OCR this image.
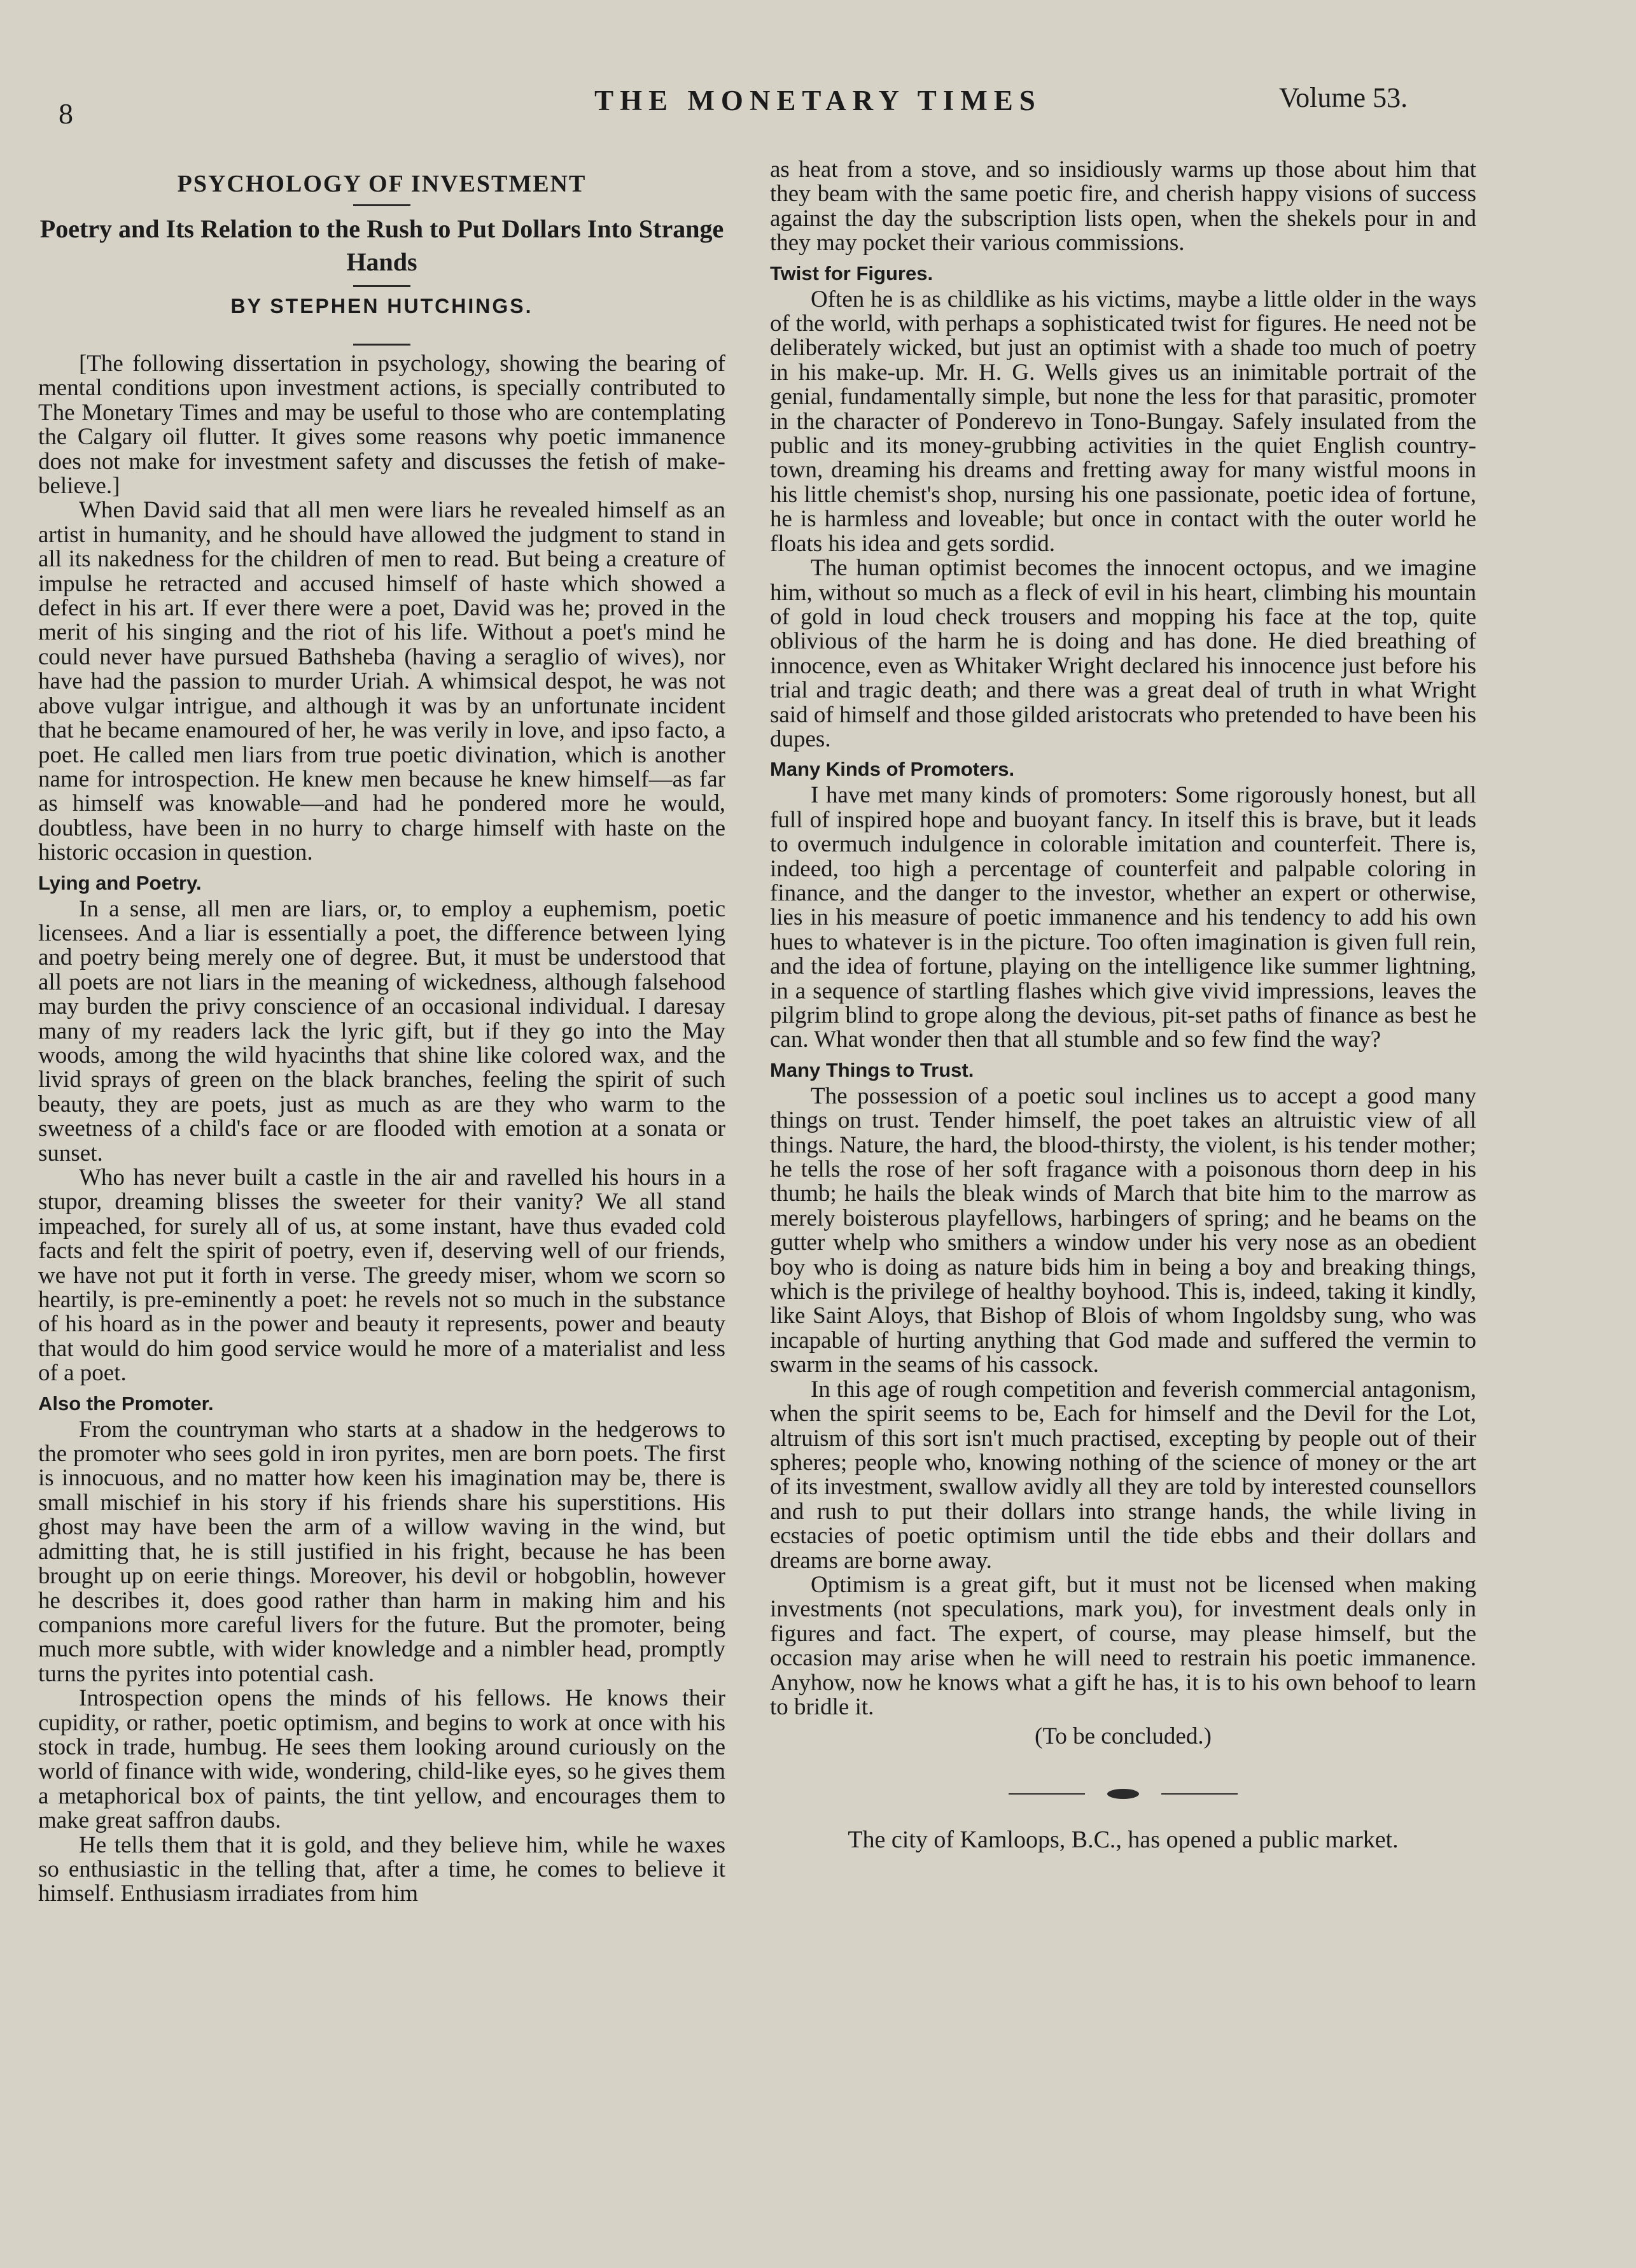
8	THE MONETARY TIMES	Volume 53.
PSYCHOLOGY OF INVESTMENT
Poetry and Its Relation to the Rush to Put Dollars Into Strange Hands
BY STEPHEN HUTCHINGS.

[The following dissertation in psychology, showing the bearing of mental conditions upon investment actions, is specially contributed to The Monetary Times and may be useful to those who are contemplating the Calgary oil flutter. It gives some reasons why poetic immanence does not make for investment safety and discusses the fetish of make-believe.]

When David said that all men were liars he revealed himself as an artist in humanity, and he should have allowed the judgment to stand in all its nakedness for the children of men to read. But being a creature of impulse he retracted and accused himself of haste which showed a defect in his art. If ever there were a poet, David was he; proved in the merit of his singing and the riot of his life. Without a poet's mind he could never have pursued Bathsheba (having a seraglio of wives), nor have had the passion to murder Uriah. A whimsical despot, he was not above vulgar intrigue, and although it was by an unfortunate incident that he became enamoured of her, he was verily in love, and ipso facto, a poet. He called men liars from true poetic divination, which is another name for introspection. He knew men because he knew himself—as far as himself was knowable—and had he pondered more he would, doubtless, have been in no hurry to charge himself with haste on the historic occasion in question.

Lying and Poetry.

In a sense, all men are liars, or, to employ a euphemism, poetic licensees. And a liar is essentially a poet, the difference between lying and poetry being merely one of degree. But, it must be understood that all poets are not liars in the meaning of wickedness, although falsehood may burden the privy conscience of an occasional individual. I daresay many of my readers lack the lyric gift, but if they go into the May woods, among the wild hyacinths that shine like colored wax, and the livid sprays of green on the black branches, feeling the spirit of such beauty, they are poets, just as much as are they who warm to the sweetness of a child's face or are flooded with emotion at a sonata or sunset.

Who has never built a castle in the air and ravelled his hours in a stupor, dreaming blisses the sweeter for their vanity? We all stand impeached, for surely all of us, at some instant, have thus evaded cold facts and felt the spirit of poetry, even if, deserving well of our friends, we have not put it forth in verse. The greedy miser, whom we scorn so heartily, is pre-eminently a poet: he revels not so much in the substance of his hoard as in the power and beauty it represents, power and beauty that would do him good service would he more of a materialist and less of a poet.

Also the Promoter.

From the countryman who starts at a shadow in the hedgerows to the promoter who sees gold in iron pyrites, men are born poets. The first is innocuous, and no matter how keen his imagination may be, there is small mischief in his story if his friends share his superstitions. His ghost may have been the arm of a willow waving in the wind, but admitting that, he is still justified in his fright, because he has been brought up on eerie things. Moreover, his devil or hobgoblin, however he describes it, does good rather than harm in making him and his companions more careful livers for the future. But the promoter, being much more subtle, with wider knowledge and a nimbler head, promptly turns the pyrites into potential cash.

Introspection opens the minds of his fellows. He knows their cupidity, or rather, poetic optimism, and begins to work at once with his stock in trade, humbug. He sees them looking around curiously on the world of finance with wide, wondering, child-like eyes, so he gives them a metaphorical box of paints, the tint yellow, and encourages them to make great saffron daubs.

He tells them that it is gold, and they believe him, while he waxes so enthusiastic in the telling that, after a time, he comes to believe it himself. Enthusiasm irradiates from him

as heat from a stove, and so insidiously warms up those about him that they beam with the same poetic fire, and cherish happy visions of success against the day the subscription lists open, when the shekels pour in and they may pocket their various commissions.

Twist for Figures.

Often he is as childlike as his victims, maybe a little older in the ways of the world, with perhaps a sophisticated twist for figures. He need not be deliberately wicked, but just an optimist with a shade too much of poetry in his make-up. Mr. H. G. Wells gives us an inimitable portrait of the genial, fundamentally simple, but none the less for that parasitic, promoter in the character of Ponderevo in Tono-Bungay. Safely insulated from the public and its money-grubbing activities in the quiet English country-town, dreaming his dreams and fretting away for many wistful moons in his little chemist's shop, nursing his one passionate, poetic idea of fortune, he is harmless and loveable; but once in contact with the outer world he floats his idea and gets sordid.

The human optimist becomes the innocent octopus, and we imagine him, without so much as a fleck of evil in his heart, climbing his mountain of gold in loud check trousers and mopping his face at the top, quite oblivious of the harm he is doing and has done. He died breathing of innocence, even as Whitaker Wright declared his innocence just before his trial and tragic death; and there was a great deal of truth in what Wright said of himself and those gilded aristocrats who pretended to have been his dupes.

Many Kinds of Promoters.

I have met many kinds of promoters: Some rigorously honest, but all full of inspired hope and buoyant fancy. In itself this is brave, but it leads to overmuch indulgence in colorable imitation and counterfeit. There is, indeed, too high a percentage of counterfeit and palpable coloring in finance, and the danger to the investor, whether an expert or otherwise, lies in his measure of poetic immanence and his tendency to add his own hues to whatever is in the picture. Too often imagination is given full rein, and the idea of fortune, playing on the intelligence like summer lightning, in a sequence of startling flashes which give vivid impressions, leaves the pilgrim blind to grope along the devious, pit-set paths of finance as best he can. What wonder then that all stumble and so few find the way?

Many Things to Trust.

The possession of a poetic soul inclines us to accept a good many things on trust. Tender himself, the poet takes an altruistic view of all things. Nature, the hard, the blood-thirsty, the violent, is his tender mother; he tells the rose of her soft fragance with a poisonous thorn deep in his thumb; he hails the bleak winds of March that bite him to the marrow as merely boisterous playfellows, harbingers of spring; and he beams on the gutter whelp who smithers a window under his very nose as an obedient boy who is doing as nature bids him in being a boy and breaking things, which is the privilege of healthy boyhood. This is, indeed, taking it kindly, like Saint Aloys, that Bishop of Blois of whom Ingoldsby sung, who was incapable of hurting anything that God made and suffered the vermin to swarm in the seams of his cassock.

In this age of rough competition and feverish commercial antagonism, when the spirit seems to be, Each for himself and the Devil for the Lot, altruism of this sort isn't much practised, excepting by people out of their spheres; people who, knowing nothing of the science of money or the art of its investment, swallow avidly all they are told by interested counsellors and rush to put their dollars into strange hands, the while living in ecstacies of poetic optimism until the tide ebbs and their dollars and dreams are borne away.

Optimism is a great gift, but it must not be licensed when making investments (not speculations, mark you), for investment deals only in figures and fact. The expert, of course, may please himself, but the occasion may arise when he will need to restrain his poetic immanence. Anyhow, now he knows what a gift he has, it is to his own behoof to learn to bridle it.

(To be concluded.)

The city of Kamloops, B.C., has opened a public market.
